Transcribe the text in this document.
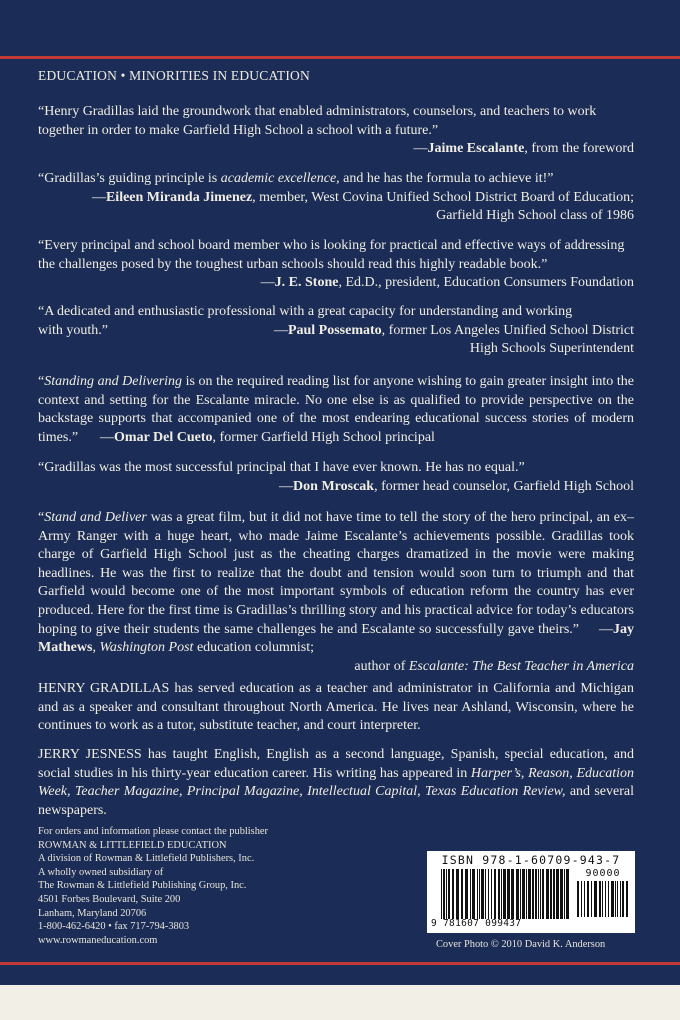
EDUCATION • MINORITIES IN EDUCATION

“Henry Gradillas laid the groundwork that enabled administrators, counselors, and teachers to work together in order to make Garfield High School a school with a future.”

—Jaime Escalante, from the foreword

“Gradillas’s guiding principle is academic excellence, and he has the formula to achieve it!”

—Eileen Miranda Jimenez, member, West Covina Unified School District Board of Education;

Garfield High School class of 1986

“Every principal and school board member who is looking for practical and effective ways of addressing the challenges posed by the toughest urban schools should read this highly readable book.”

—J. E. Stone, Ed.D., president, Education Consumers Foundation

“A dedicated and enthusiastic professional with a great capacity for understanding and working

with youth.”	—Paul Possemato, former Los Angeles Unified School District

High Schools Superintendent

“Standing and Delivering is on the required reading list for anyone wishing to gain greater insight into the context and setting for the Escalante miracle. No one else is as qualified to provide perspective on the backstage supports that accompanied one of the most endearing educational success stories of modern times.” —Omar Del Cueto, former Garfield High School principal

“Gradillas was the most successful principal that I have ever known. He has no equal.”

—Don Mroscak, former head counselor, Garfield High School

“Stand and Deliver was a great film, but it did not have time to tell the story of the hero principal, an ex–Army Ranger with a huge heart, who made Jaime Escalante’s achievements possible. Gradillas took charge of Garfield High School just as the cheating charges dramatized in the movie were making headlines. He was the first to realize that the doubt and tension would soon turn to triumph and that Garfield would become one of the most important symbols of education reform the country has ever produced. Here for the first time is Gradillas’s thrilling story and his practical advice for today’s educators hoping to give their students the same challenges he and Escalante so successfully gave theirs.” —Jay Mathews, Washington Post education columnist;

author of Escalante: The Best Teacher in America

HENRY GRADILLAS has served education as a teacher and administrator in California and Michigan and as a speaker and consultant throughout North America. He lives near Ashland, Wisconsin, where he continues to work as a tutor, substitute teacher, and court interpreter.
JERRY JESNESS has taught English, English as a second language, Spanish, special education, and social studies in his thirty-year education career. His writing has appeared in Harper’s, Reason, Education Week, Teacher Magazine, Principal Magazine, Intellectual Capital, Texas Education Review, and several newspapers.
For orders and information please contact the publisher
ROWMAN & LITTLEFIELD EDUCATION
A division of Rowman & Littlefield Publishers, Inc.
A wholly owned subsidiary of
The Rowman & Littlefield Publishing Group, Inc.
4501 Forbes Boulevard, Suite 200
Lanham, Maryland 20706
1-800-462-6420 • fax 717-794-3803
www.rowmaneducation.com
ISBN 978-1-60709-943-7
90000
9 781607 099437
Cover Photo © 2010 David K. Anderson
